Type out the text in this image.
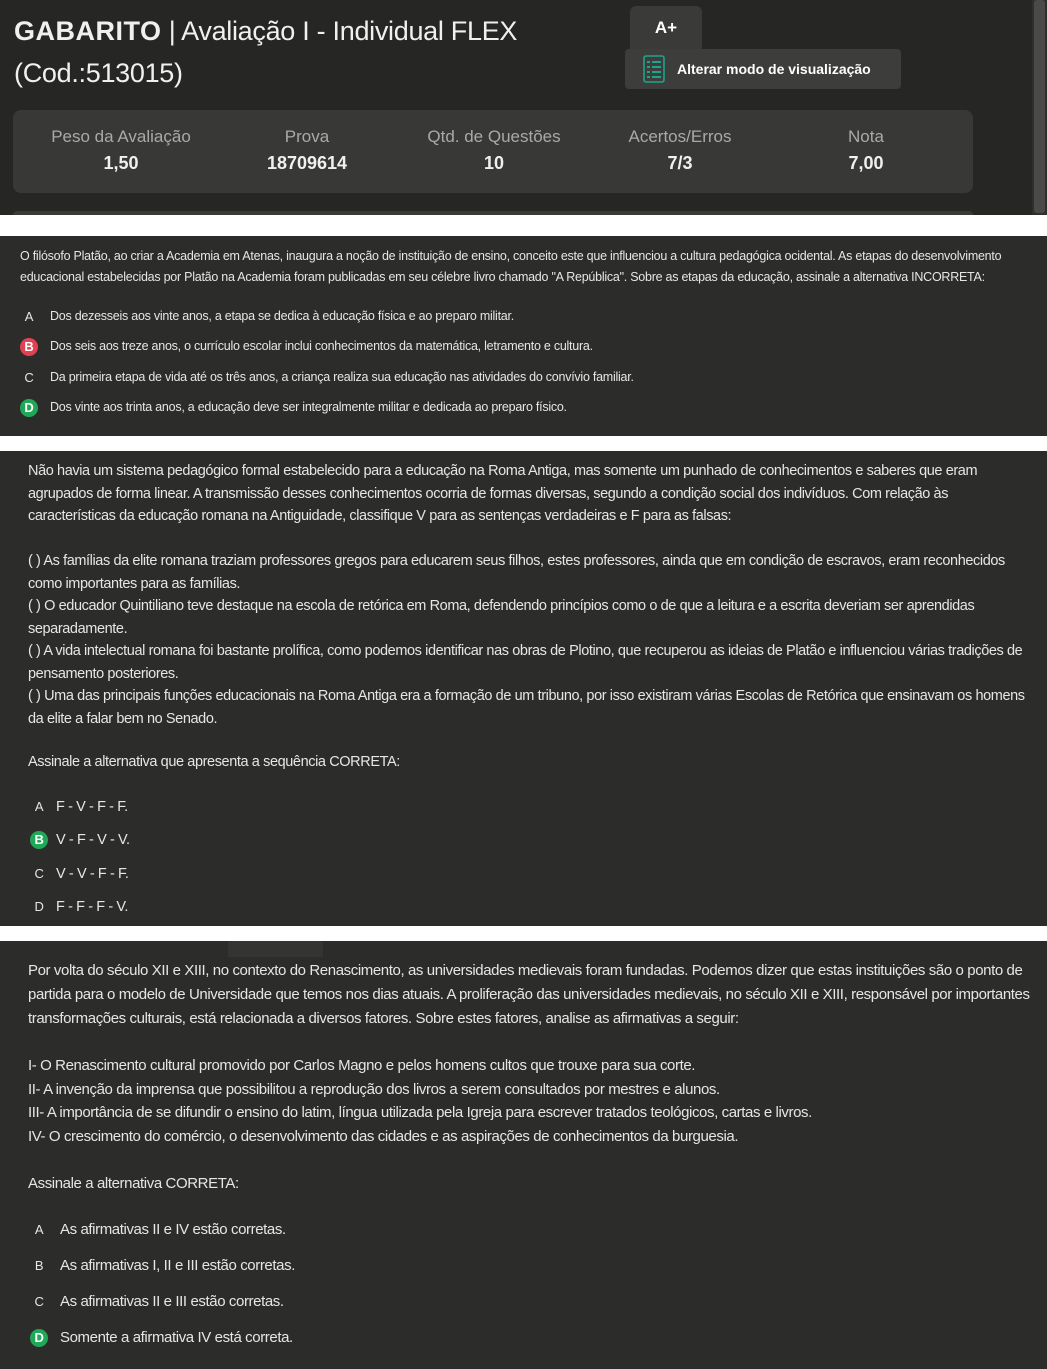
GABARITO | Avaliação I - Individual FLEX
(Cod.:513015)
A+
Alterar modo de visualização
Peso da Avaliação
1,50
Prova
18709614
Qtd. de Questões
10
Acertos/Erros
7/3
Nota
7,00
O filósofo Platão, ao criar a Academia em Atenas, inaugura a noção de instituição de ensino, conceito este que influenciou a cultura pedagógica ocidental. As etapas do desenvolvimento educacional estabelecidas por Platão na Academia foram publicadas em seu célebre livro chamado "A República". Sobre as etapas da educação, assinale a alternativa INCORRETA:
A	Dos dezesseis aos vinte anos, a etapa se dedica à educação física e ao preparo militar.
B	Dos seis aos treze anos, o currículo escolar inclui conhecimentos da matemática, letramento e cultura.
C	Da primeira etapa de vida até os três anos, a criança realiza sua educação nas atividades do convívio familiar.
D	Dos vinte aos trinta anos, a educação deve ser integralmente militar e dedicada ao preparo físico.
Não havia um sistema pedagógico formal estabelecido para a educação na Roma Antiga, mas somente um punhado de conhecimentos e saberes que eram agrupados de forma linear. A transmissão desses conhecimentos ocorria de formas diversas, segundo a condição social dos indivíduos. Com relação às características da educação romana na Antiguidade, classifique V para as sentenças verdadeiras e F para as falsas:
( ) As famílias da elite romana traziam professores gregos para educarem seus filhos, estes professores, ainda que em condição de escravos, eram reconhecidos como importantes para as famílias.
( ) O educador Quintiliano teve destaque na escola de retórica em Roma, defendendo princípios como o de que a leitura e a escrita deveriam ser aprendidas separadamente.
( ) A vida intelectual romana foi bastante prolífica, como podemos identificar nas obras de Plotino, que recuperou as ideias de Platão e influenciou várias tradições de pensamento posteriores.
( ) Uma das principais funções educacionais na Roma Antiga era a formação de um tribuno, por isso existiram várias Escolas de Retórica que ensinavam os homens da elite a falar bem no Senado.
Assinale a alternativa que apresenta a sequência CORRETA:
A F - V - F - F.
B V - F - V - V.
C V - V - F - F.
D F - F - F - V.
Por volta do século XII e XIII, no contexto do Renascimento, as universidades medievais foram fundadas. Podemos dizer que estas instituições são o ponto de partida para o modelo de Universidade que temos nos dias atuais. A proliferação das universidades medievais, no século XII e XIII, responsável por importantes transformações culturais, está relacionada a diversos fatores. Sobre estes fatores, analise as afirmativas a seguir:
I- O Renascimento cultural promovido por Carlos Magno e pelos homens cultos que trouxe para sua corte.
II- A invenção da imprensa que possibilitou a reprodução dos livros a serem consultados por mestres e alunos.
III- A importância de se difundir o ensino do latim, língua utilizada pela Igreja para escrever tratados teológicos, cartas e livros.
IV- O crescimento do comércio, o desenvolvimento das cidades e as aspirações de conhecimentos da burguesia.
Assinale a alternativa CORRETA:
A	As afirmativas II e IV estão corretas.
B	As afirmativas I, II e III estão corretas.
C	As afirmativas II e III estão corretas.
D	Somente a afirmativa IV está correta.
